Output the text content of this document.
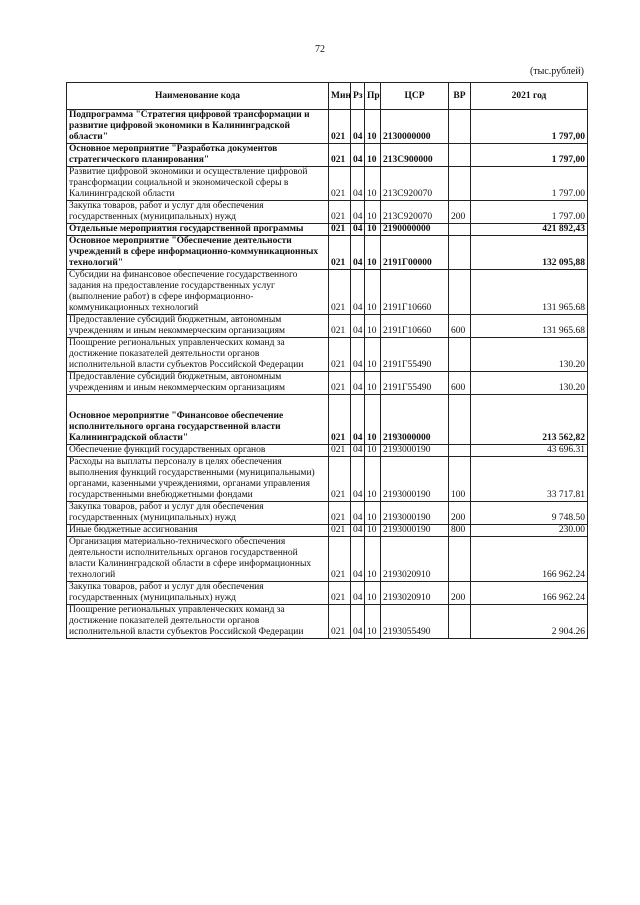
72
(тыс.рублей)
Наименование кода	Мин	Рз	Пр	ЦСР	ВР	2021 год
Подпрограмма "Стратегия цифровой трансформации и развитие цифровой экономики в Калининградской области"	021	04	10	2130000000		1 797,00
Основное мероприятие "Разработка документов стратегического планирования"	021	04	10	213С900000		1 797,00
Развитие цифровой экономики и осуществление цифровой трансформации социальной и экономической сферы в Калининградской области	021	04	10	213С920070		1 797.00
Закупка товаров, работ и услуг для обеспечения государственных (муниципальных) нужд	021	04	10	213С920070	200	1 797.00
Отдельные мероприятия государственной программы	021	04	10	2190000000		421 892,43
Основное мероприятие "Обеспечение деятельности учреждений в сфере информационно-коммуникационных технологий"	021	04	10	2191Г00000		132 095,88
Субсидии на финансовое обеспечение государственного задания на предоставление государственных услуг (выполнение работ) в сфере информационно-коммуникационных технологий	021	04	10	2191Г10660		131 965.68
Предоставление субсидий бюджетным, автономным учреждениям и иным некоммерческим организациям	021	04	10	2191Г10660	600	131 965.68
Поощрение региональных управленческих команд за достижение показателей деятельности органов исполнительной власти субъектов Российской Федерации	021	04	10	2191Г55490		130.20
Предоставление субсидий бюджетным, автономным учреждениям и иным некоммерческим организациям	021	04	10	2191Г55490	600	130.20
Основное мероприятие "Финансовое обеспечение исполнительного органа государственной власти Калининградской области"	021	04	10	2193000000		213 562,82
Обеспечение функций государственных органов	021	04	10	2193000190		43 696.31
Расходы на выплаты персоналу в целях обеспечения выполнения функций государственными (муниципальными) органами, казенными учреждениями, органами управления государственными внебюджетными фондами	021	04	10	2193000190	100	33 717.81
Закупка товаров, работ и услуг для обеспечения государственных (муниципальных) нужд	021	04	10	2193000190	200	9 748.50
Иные бюджетные ассигнования	021	04	10	2193000190	800	230.00
Организация материально-технического обеспечения деятельности исполнительных органов государственной власти Калининградской области в сфере информационных технологий	021	04	10	2193020910		166 962.24
Закупка товаров, работ и услуг для обеспечения государственных (муниципальных) нужд	021	04	10	2193020910	200	166 962.24
Поощрение региональных управленческих команд за достижение показателей деятельности органов исполнительной власти субъектов Российской Федерации	021	04	10	2193055490		2 904.26
